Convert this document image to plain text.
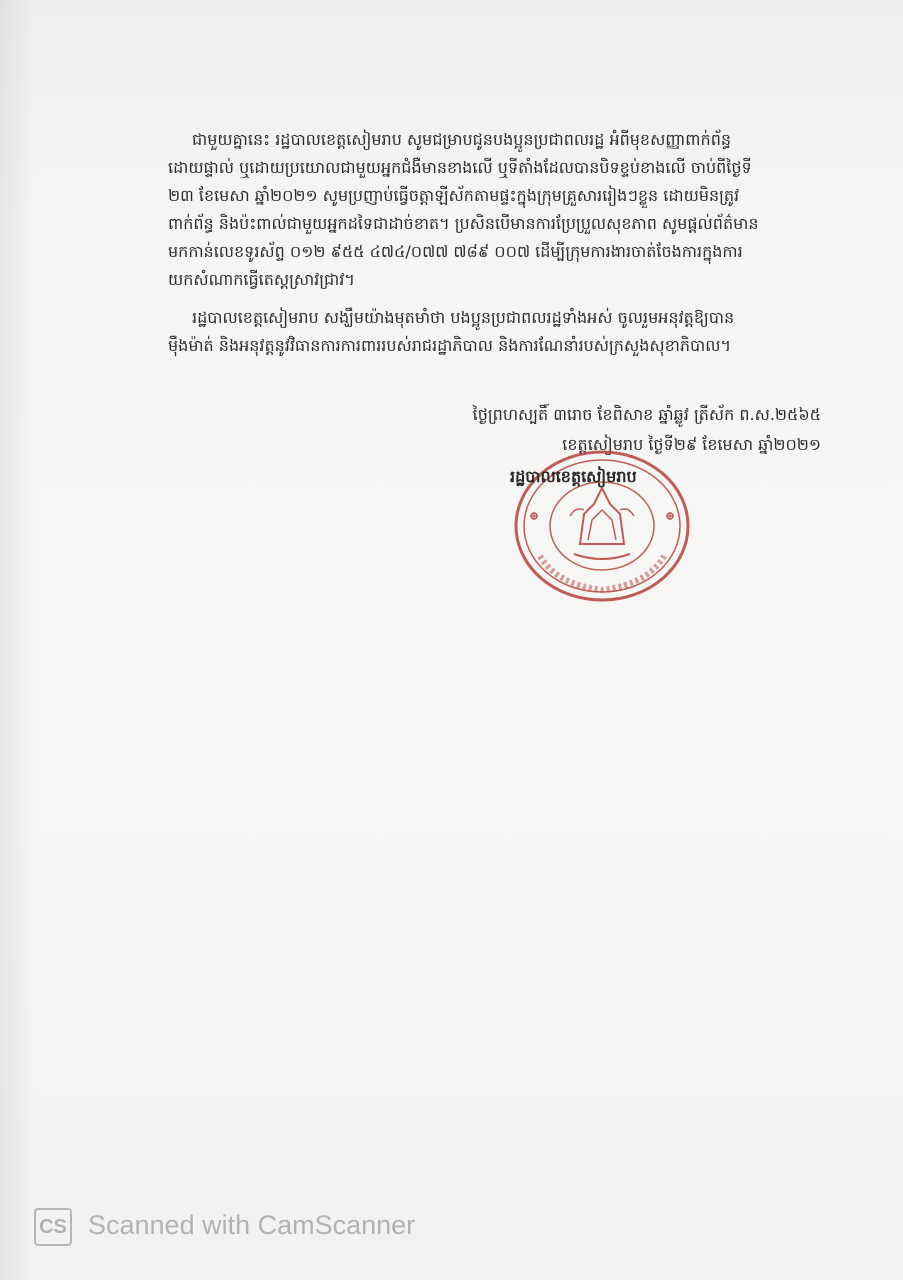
ជាមួយគ្នានេះ រដ្ឋបាលខេត្តសៀមរាប សូមជម្រាបជូនបងប្អូនប្រជាពលរដ្ឋ អំពីមុខសញ្ញាពាក់ព័ន្ធ
ដោយផ្ទាល់ ឬដោយប្រយោលជាមួយអ្នកជំងឺមានខាងលើ ឬទីតាំងដែលបានបិទខ្ទប់ខាងលើ ចាប់ពីថ្ងៃទី
២៣ ខែមេសា ឆ្នាំ២០២១ សូមប្រញាប់ធ្វើចត្តាឡីស័កតាមផ្ទះក្នុងក្រុមគ្រួសាររៀងៗខ្លួន ដោយមិនត្រូវ
ពាក់ព័ន្ធ និងប៉ះពាល់ជាមួយអ្នកដទៃជាដាច់ខាត។ ប្រសិនបើមានការប្រែប្រួលសុខភាព សូមផ្តល់ព័ត៌មាន
មកកាន់លេខទូរស័ព្ទ ០១២ ៩៥៥ ៤៧៤/០៧៧ ៧៨៩ ០០៧ ដើម្បីក្រុមការងារចាត់ចែងការក្នុងការ
យកសំណាកធ្វើតេស្តស្រាវជ្រាវ។

រដ្ឋបាលខេត្តសៀមរាប សង្ឃឹមយ៉ាងមុតមាំថា បងប្អូនប្រជាពលរដ្ឋទាំងអស់ ចូលរួមអនុវត្តឱ្យបាន
ម៉ឺងម៉ាត់ និងអនុវត្តនូវវិធានការការពាររបស់រាជរដ្ឋាភិបាល និងការណែនាំរបស់ក្រសួងសុខាភិបាល។

ថ្ងៃព្រហស្បតិ៍ ៣រោច ខែពិសាខ ឆ្នាំឆ្លូវ ត្រីស័ក ព.ស.២៥៦៥
ខេត្តសៀមរាប ថ្ងៃទី២៩ ខែមេសា ឆ្នាំ២០២១
រដ្ឋបាលខេត្តសៀមរាប
CS Scanned with CamScanner
